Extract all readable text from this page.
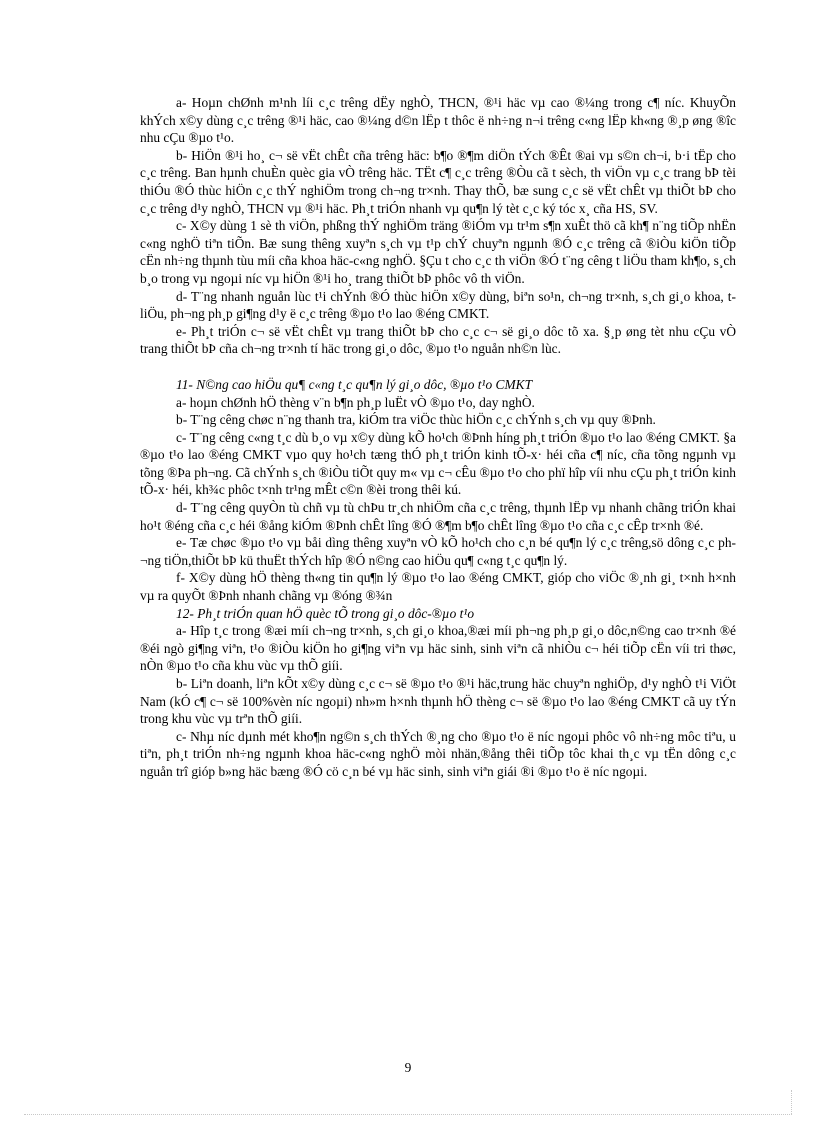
a- Hoµn chØnh m¹nh líi c¸c trêng dËy nghÒ, THCN, ®¹i häc vµ cao ®¼ng trong c¶ níc. KhuyÕn khÝch x©y dùng c¸c trêng ®¹i häc, cao ®¼ng d©n lËp t thôc ë nh÷ng n¬i trêng c«ng lËp kh«ng ®¸p øng ®îc nhu cÇu ®µo t¹o.

b- HiÖn ®¹i ho¸ c¬ së vËt chÊt cña trêng häc: b¶o ®¶m diÖn tÝch ®Êt ®ai vµ s©n ch¬i, b·i tËp cho c¸c trêng. Ban hµnh chuÈn quèc gia vÒ trêng häc. TËt c¶ c¸c trêng ®Òu cã t sèch, th viÖn vµ c¸c trang bÞ tèi thiÓu ®Ó thùc hiÖn c¸c thÝ nghiÖm trong ch¬ng tr×nh. Thay thÕ, bæ sung c¸c së vËt chÊt vµ thiÕt bÞ cho c¸c trêng d¹y nghÒ, THCN vµ ®¹i häc. Ph¸t triÓn nhanh vµ qu¶n lý tèt c¸c ký tóc x¸ cña HS, SV.

c- X©y dùng 1 sè th viÖn, phßng thÝ nghiÖm träng ®iÓm vµ tr¹m s¶n xuÊt thö cã kh¶ n¨ng tiÕp nhËn c«ng nghÖ tiªn tiÕn. Bæ sung thêng xuyªn s¸ch vµ t¹p chÝ chuyªn ngµnh ®Ó c¸c trêng cã ®iÒu kiÖn tiÕp cËn nh÷ng thµnh tùu míi cña khoa häc-c«ng nghÖ. §Çu t cho c¸c th viÖn ®Ó t¨ng cêng t liÖu tham kh¶o, s¸ch b¸o trong vµ ngoµi níc vµ hiÖn ®¹i ho¸ trang thiÕt bÞ phôc vô th viÖn.

d- T¨ng nhanh nguån lùc t¹i chÝnh ®Ó thùc hiÖn x©y dùng, biªn so¹n, ch¬ng tr×nh, s¸ch gi¸o khoa, t liÖu, ph¬ng ph¸p gi¶ng d¹y ë c¸c trêng ®µo t¹o lao ®éng CMKT.

e- Ph¸t triÓn c¬ së vËt chÊt vµ trang thiÕt bÞ cho c¸c c¬ së gi¸o dôc tõ xa. §¸p øng tèt nhu cÇu vÒ trang thiÕt bÞ cña ch¬ng tr×nh tí häc trong gi¸o dôc, ®µo t¹o nguån nh©n lùc.

11- N©ng cao hiÖu qu¶ c«ng t¸c qu¶n lý gi¸o dôc, ®µo t¹o CMKT

a- hoµn chØnh hÖ thèng v¨n b¶n ph¸p luËt vÒ ®µo t¹o, day nghÒ.

b- T¨ng cêng chøc n¨ng thanh tra, kiÓm tra viÖc thùc hiÖn c¸c chÝnh s¸ch vµ quy ®Þnh.

c- T¨ng cêng c«ng t¸c dù b¸o vµ x©y dùng kÕ ho¹ch ®Þnh híng ph¸t triÓn ®µo t¹o lao ®éng CMKT. §a ®µo t¹o lao ®éng CMKT vµo quy ho¹ch tæng thÓ ph¸t triÓn kinh tÕ-x· héi cña c¶ níc, cña tõng ngµnh vµ tõng ®Þa ph¬ng. Cã chÝnh s¸ch ®iÒu tiÕt quy m« vµ c¬ cÊu ®µo t¹o cho phï hîp víi nhu cÇu ph¸t triÓn kinh tÕ-x· héi, kh¾c phôc t×nh tr¹ng mÊt c©n ®èi trong thêi kú.

d- T¨ng cêng quyÒn tù chñ vµ tù chÞu tr¸ch nhiÖm cña c¸c trêng, thµnh lËp vµ nhanh chãng triÓn khai ho¹t ®éng cña c¸c héi ®ång kiÓm ®Þnh chÊt lîng ®Ó ®¶m b¶o chÊt lîng ®µo t¹o cña c¸c cÊp tr×nh ®é.

e- Tæ chøc ®µo t¹o vµ båi dìng thêng xuyªn vÒ kÕ ho¹ch cho c¸n bé qu¶n lý c¸c trêng,sö dông c¸c ph¬ng tiÖn,thiÕt bÞ kü thuËt thÝch hîp ®Ó n©ng cao hiÖu qu¶ c«ng t¸c qu¶n lý.

f- X©y dùng hÖ thèng th«ng tin qu¶n lý ®µo t¹o lao ®éng CMKT, gióp cho viÖc ®¸nh gi¸ t×nh h×nh vµ ra quyÕt ®Þnh nhanh chãng vµ ®óng ®¾n

12- Ph¸t triÓn quan hÖ quèc tÕ trong gi¸o dôc-®µo t¹o

a- Hîp t¸c trong ®æi míi ch¬ng tr×nh, s¸ch gi¸o khoa,®æi míi ph¬ng ph¸p gi¸o dôc,n©ng cao tr×nh ®é ®éi ngò gi¶ng viªn, t¹o ®iÒu kiÖn ho gi¶ng viªn vµ häc sinh, sinh viªn cã nhiÒu c¬ héi tiÕp cËn víi tri thøc, nÒn ®µo t¹o cña khu vùc vµ thÕ giíi.

b- Liªn doanh, liªn kÕt x©y dùng c¸c c¬ së ®µo t¹o ®¹i häc,trung häc chuyªn nghiÖp, d¹y nghÒ t¹i ViÖt Nam (kÓ c¶ c¬ së 100%vèn níc ngoµi) nh»m h×nh thµnh hÖ thèng c¬ së ®µo t¹o lao ®éng CMKT cã uy tÝn trong khu vùc vµ trªn thÕ giíi.

c- Nhµ níc dµnh mét kho¶n ng©n s¸ch thÝch ®¸ng cho ®µo t¹o ë níc ngoµi phôc vô nh÷ng môc tiªu, u tiªn, ph¸t triÓn nh÷ng ngµnh khoa häc-c«ng nghÖ mòi nhän,®ång thêi tiÕp tôc khai th¸c vµ tËn dông c¸c nguån trî gióp b»ng häc bæng ®Ó cö c¸n bé vµ häc sinh, sinh viªn giái ®i ®µo t¹o ë níc ngoµi.

9
